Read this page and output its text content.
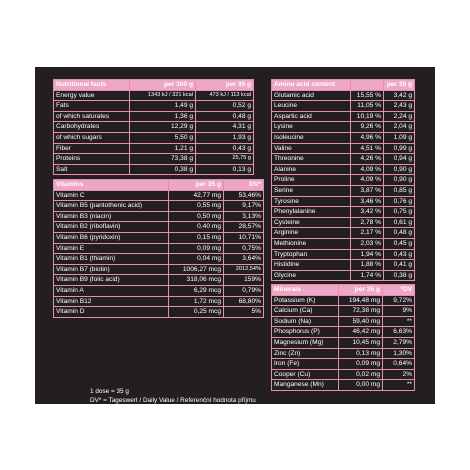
1 dose = 35 g
DV* = Tageswert / Daily Value / Referenční hodnota příjmu
**Keine Angaben / Not established / Není stanoveno
Nutritional facts	per 100 g	per 35 g
Energy value	1343 kJ / 321 kcal	473 kJ / 113 kcal
Fats	1,49 g	0,52 g
of which saturates	1,36 g	0,48 g
Carbohydrates	12,29 g	4,31 g
of which sugars	5,50 g	1,93 g
Fiber	1,21 g	0,43 g
Proteins	73,38 g	25,75 g
Salt	0,38 g	0,13 g
Vitamins	per 35 g	DV*
Vitamin C	42,77 mg	53,46%
Vitamin B5 (pantothenic acid)	0,55 mg	9,17%
Vitamin B3 (niacin)	0,50 mg	3,13%
Vitamin B2 (riboflavin)	0,40 mg	28,57%
Vitamin B6 (pyridoxin)	0,15 mg	10,71%
Vitamin E	0,09 mg	0,75%
Vitamin B1 (thiamin)	0,04 mg	3,64%
Vitamin B7 (biotin)	1006,27 mcg	2012,54%
Vitamin B9 (folic acid)	318,06 mcg	159%
Vitamin A	6,29 mcg	0,79%
Vitamin B12	1,72 mcg	68,80%
Vitamin D	0,25 mcg	5%
Amino acid content		per 35 g
Glutamic acid	15,55 %	3,42 g
Leucine	11,05 %	2,43 g
Aspartic acid	10,19 %	2,24 g
Lysine	9,26 %	2,04 g
Isoleucine	4,96 %	1,09 g
Valine	4,51 %	0,99 g
Threonine	4,26 %	0,94 g
Alanine	4,09 %	0,90 g
Proline	4,09 %	0,90 g
Serine	3,87 %	0,85 g
Tyrosine	3,46 %	0,76 g
Phenylalanine	3,42 %	0,75 g
Cysteine	2,78 %	0,61 g
Arginine	2,17 %	0,48 g
Methionine	2,03 %	0,45 g
Tryptophan	1,94 %	0,43 g
Histidine	1,88 %	0,41 g
Glycine	1,74 %	0,38 g
Minerals	per 35 g	*DV
Potassium (K)	194,48 mg	9,72%
Calcium (Ca)	72,38 mg	9%
Sodium (Na)	59,40 mg	**
Phosphorus (P)	46,42 mg	6,63%
Magnesium (Mg)	10,45 mg	2,79%
Zinc (Zn)	0,13 mg	1,30%
Iron (Fe)	0,09 mg	0,64%
Cooper (Cu)	0,02 mg	2%
Manganese (Mn)	0,00 mg	**
